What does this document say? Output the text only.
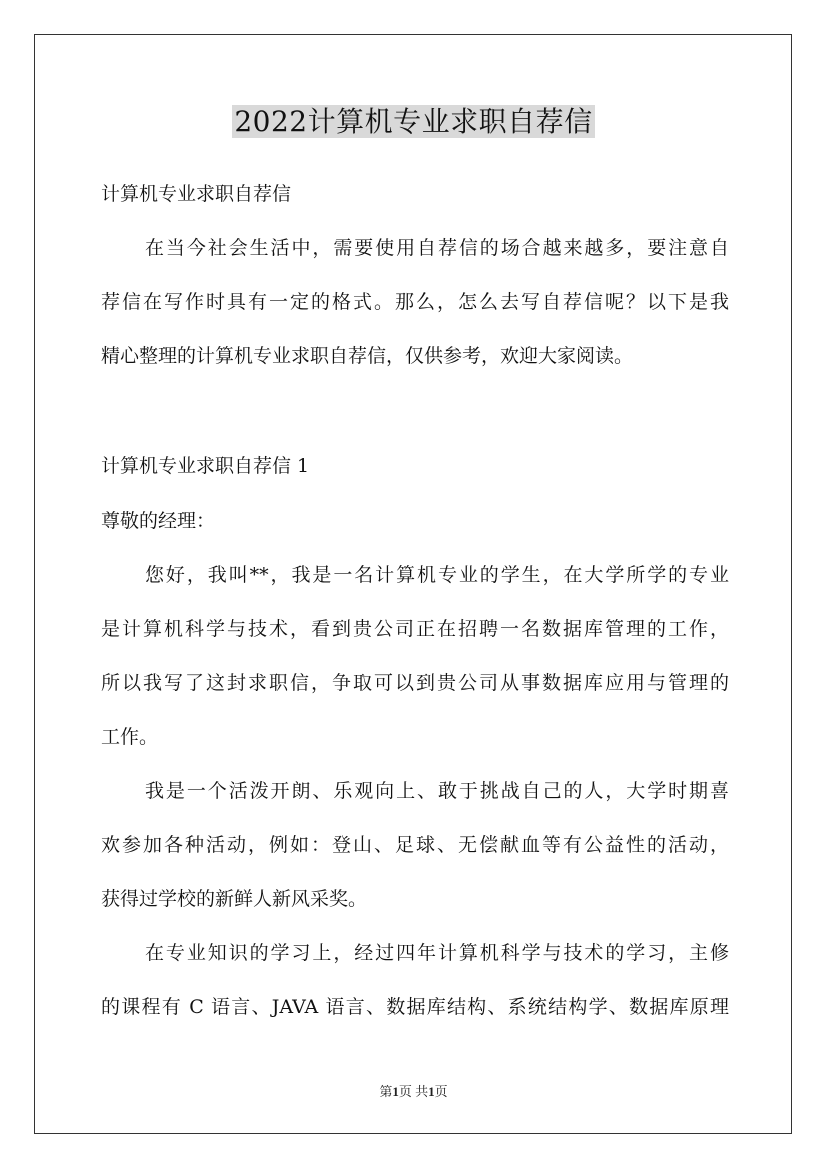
2022计算机专业求职自荐信
计算机专业求职自荐信
在当今社会生活中，需要使用自荐信的场合越来越多，要注意自
荐信在写作时具有一定的格式。那么，怎么去写自荐信呢？以下是我
精心整理的计算机专业求职自荐信，仅供参考，欢迎大家阅读。
计算机专业求职自荐信 1
尊敬的经理：
您好，我叫**，我是一名计算机专业的学生，在大学所学的专业
是计算机科学与技术，看到贵公司正在招聘一名数据库管理的工作，
所以我写了这封求职信，争取可以到贵公司从事数据库应用与管理的
工作。
我是一个活泼开朗、乐观向上、敢于挑战自己的人，大学时期喜
欢参加各种活动，例如：登山、足球、无偿献血等有公益性的活动，
获得过学校的新鲜人新风采奖。
在专业知识的学习上，经过四年计算机科学与技术的学习，主修
的课程有 C 语言、JAVA 语言、数据库结构、系统结构学、数据库原理
第1页 共1页
